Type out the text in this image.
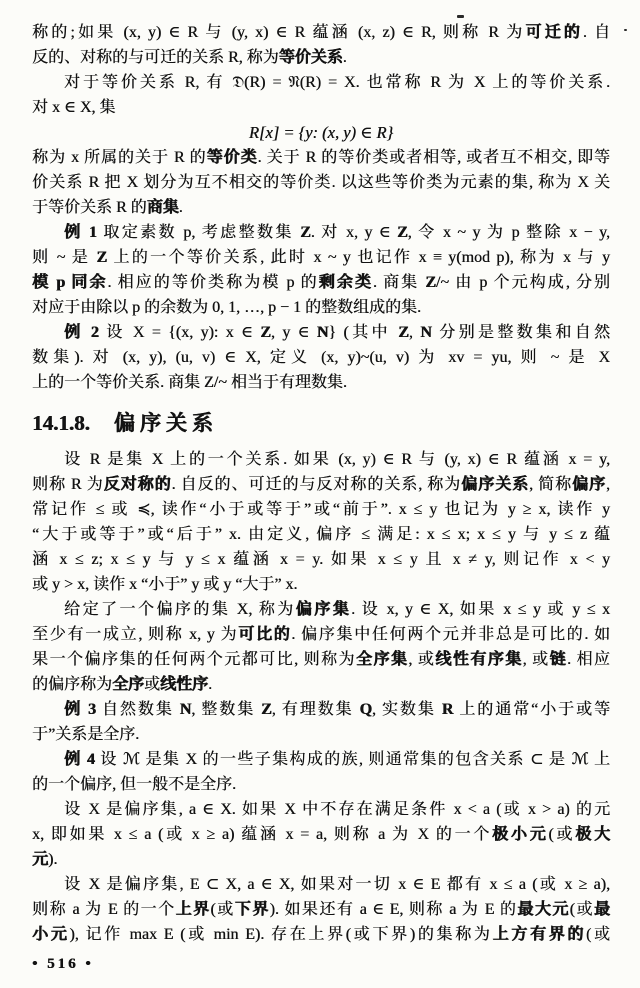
称的;如果 (x, y) ∈ R 与 (y, x) ∈ R 蕴涵 (x, z) ∈ R, 则称 R 为可迁的. 自
反的、对称的与可迁的关系 R, 称为等价关系.
对于等价关系 R, 有 𝔇(R) = 𝔑(R) = X. 也常称 R 为 X 上的等价关系.
对 x ∈ X, 集
R[x] = {y: (x, y) ∈ R}
称为 x 所属的关于 R 的等价类. 关于 R 的等价类或者相等, 或者互不相交, 即等
价关系 R 把 X 划分为互不相交的等价类. 以这些等价类为元素的集, 称为 X 关
于等价关系 R 的商集.
例 1 取定素数 p, 考虑整数集 Z. 对 x, y ∈ Z, 令 x ~ y 为 p 整除 x − y,
则 ~ 是 Z 上的一个等价关系, 此时 x ~ y 也记作 x ≡ y(mod p), 称为 x 与 y
模 p 同余. 相应的等价类称为模 p 的剩余类. 商集 Z/~ 由 p 个元构成, 分别
对应于由除以 p 的余数为 0, 1, …, p − 1 的整数组成的集.
例 2 设 X = {(x, y): x ∈ Z, y ∈ N} (其中 Z, N 分别是整数集和自然
数集). 对 (x, y), (u, v) ∈ X, 定义 (x, y)~(u, v) 为 xv = yu, 则 ~ 是 X
上的一个等价关系. 商集 Z/~ 相当于有理数集.
14.1.8. 偏序关系
设 R 是集 X 上的一个关系. 如果 (x, y) ∈ R 与 (y, x) ∈ R 蕴涵 x = y,
则称 R 为反对称的. 自反的、可迁的与反对称的关系, 称为偏序关系, 简称偏序,
常记作 ≤ 或 ≼, 读作“小于或等于”或“前于”. x ≤ y 也记为 y ≥ x, 读作 y
“大于或等于”或“后于” x. 由定义, 偏序 ≤ 满足: x ≤ x; x ≤ y 与 y ≤ z 蕴
涵 x ≤ z; x ≤ y 与 y ≤ x 蕴涵 x = y. 如果 x ≤ y 且 x ≠ y, 则记作 x < y
或 y > x, 读作 x “小于” y 或 y “大于” x.
给定了一个偏序的集 X, 称为偏序集. 设 x, y ∈ X, 如果 x ≤ y 或 y ≤ x
至少有一成立, 则称 x, y 为可比的. 偏序集中任何两个元并非总是可比的. 如
果一个偏序集的任何两个元都可比, 则称为全序集, 或线性有序集, 或链. 相应
的偏序称为全序或线性序.
例 3 自然数集 N, 整数集 Z, 有理数集 Q, 实数集 R 上的通常“小于或等
于”关系是全序.
例 4 设 ℳ 是集 X 的一些子集构成的族, 则通常集的包含关系 ⊂ 是 ℳ 上
的一个偏序, 但一般不是全序.
设 X 是偏序集, a ∈ X. 如果 X 中不存在满足条件 x < a (或 x > a) 的元
x, 即如果 x ≤ a (或 x ≥ a) 蕴涵 x = a, 则称 a 为 X 的一个极小元(或极大
元).
设 X 是偏序集, E ⊂ X, a ∈ X, 如果对一切 x ∈ E 都有 x ≤ a (或 x ≥ a),
则称 a 为 E 的一个上界(或下界). 如果还有 a ∈ E, 则称 a 为 E 的最大元(或最
小元), 记作 max E (或 min E). 存在上界(或下界)的集称为上方有界的(或
• 516 •
